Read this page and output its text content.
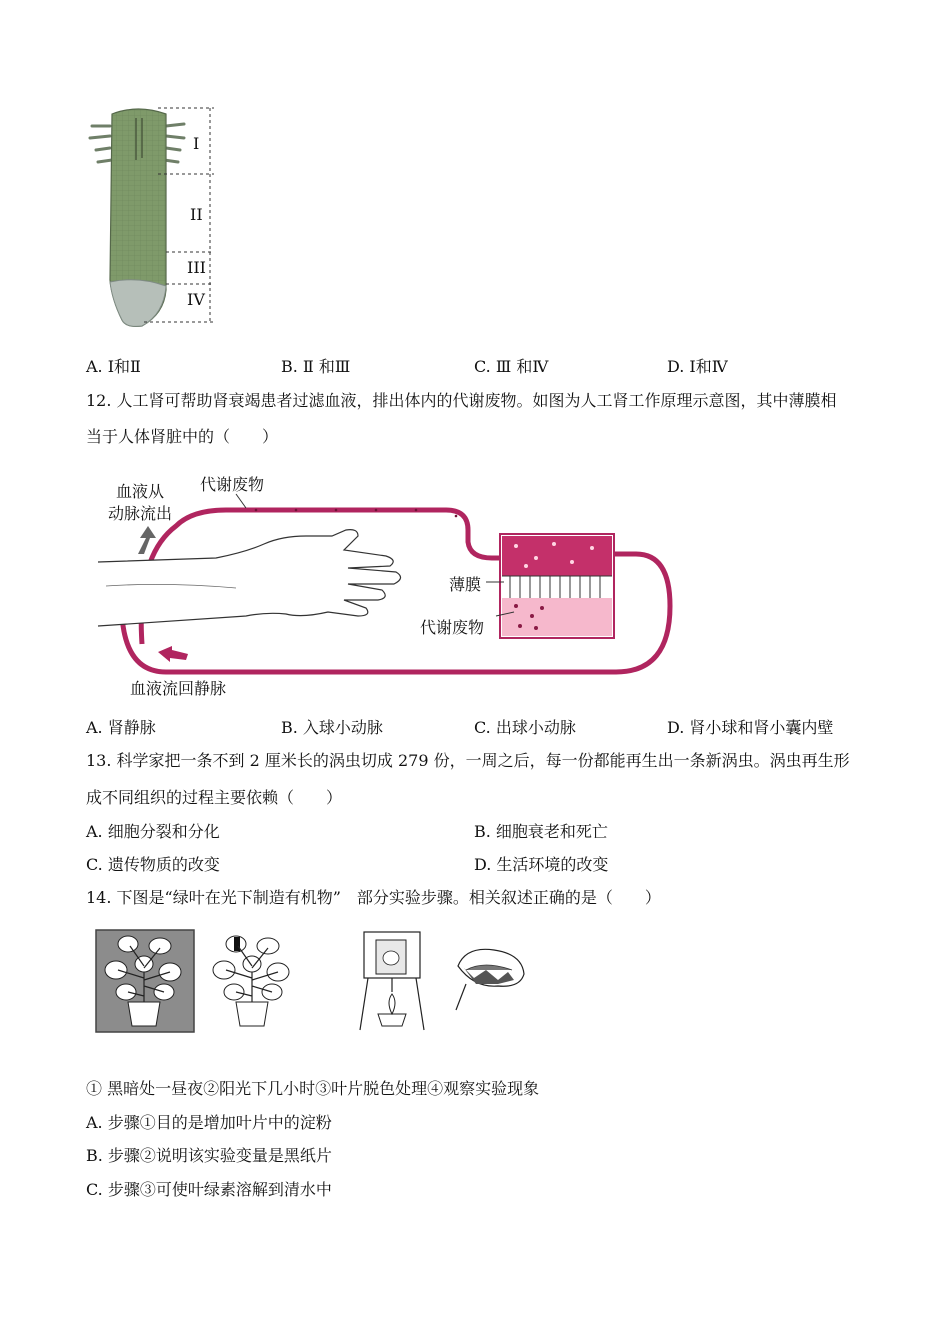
I
II
III
IV
A. Ⅰ和Ⅱ	B. Ⅱ 和Ⅲ	C. Ⅲ 和Ⅳ	D. Ⅰ和Ⅳ
12. 人工肾可帮助肾衰竭患者过滤血液，排出体内的代谢废物。如图为人工肾工作原理示意图，其中薄膜相
当于人体肾脏中的（　　）
血液从
动脉流出
代谢废物
薄膜
代谢废物
血液流回静脉
A. 肾静脉	B. 入球小动脉	C. 出球小动脉	D. 肾小球和肾小囊内壁
13. 科学家把一条不到 2 厘米长的涡虫切成 279 份，一周之后，每一份都能再生出一条新涡虫。涡虫再生形
成不同组织的过程主要依赖（　　）
A. 细胞分裂和分化	B. 细胞衰老和死亡
C. 遗传物质的改变	D. 生活环境的改变
14. 下图是“绿叶在光下制造有机物”　部分实验步骤。相关叙述正确的是（　　）
① 黑暗处一昼夜②阳光下几小时③叶片脱色处理④观察实验现象
A. 步骤①目的是增加叶片中的淀粉
B. 步骤②说明该实验变量是黑纸片
C. 步骤③可使叶绿素溶解到清水中
